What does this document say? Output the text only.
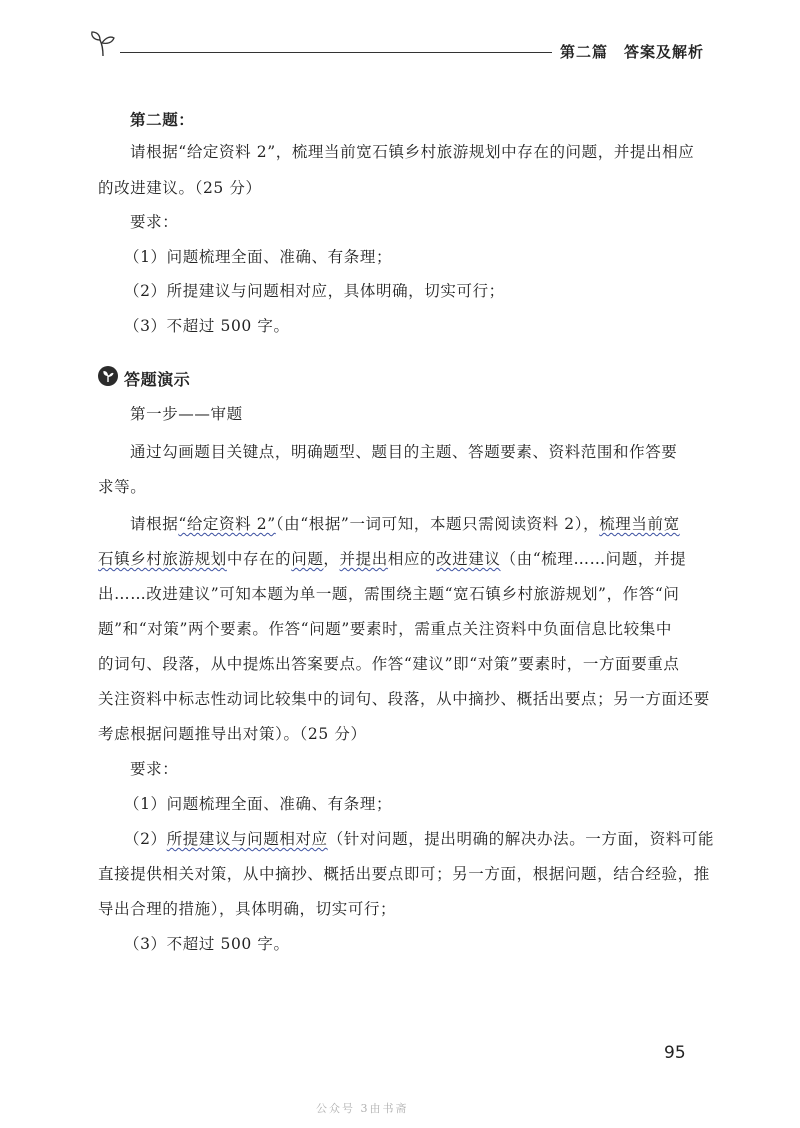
第二篇　答案及解析
第二题：
请根据“给定资料 2”，梳理当前宽石镇乡村旅游规划中存在的问题，并提出相应
的改进建议。（25 分）
要求：
（1）问题梳理全面、准确、有条理；
（2）所提建议与问题相对应，具体明确，切实可行；
（3）不超过 500 字。
答题演示
第一步——审题
通过勾画题目关键点，明确题型、题目的主题、答题要素、资料范围和作答要
求等。
请根据“给定资料 2”（由“根据”一词可知，本题只需阅读资料 2），梳理当前宽
石镇乡村旅游规划中存在的问题，并提出相应的改进建议（由“梳理……问题，并提
出……改进建议”可知本题为单一题，需围绕主题“宽石镇乡村旅游规划”，作答“问
题”和“对策”两个要素。作答“问题”要素时，需重点关注资料中负面信息比较集中
的词句、段落，从中提炼出答案要点。作答“建议”即“对策”要素时，一方面要重点
关注资料中标志性动词比较集中的词句、段落，从中摘抄、概括出要点；另一方面还要
考虑根据问题推导出对策）。（25 分）
要求：
（1）问题梳理全面、准确、有条理；
（2）所提建议与问题相对应（针对问题，提出明确的解决办法。一方面，资料可能
直接提供相关对策，从中摘抄、概括出要点即可；另一方面，根据问题，结合经验，推
导出合理的措施），具体明确，切实可行；
（3）不超过 500 字。
95
公众号 3由书斋
